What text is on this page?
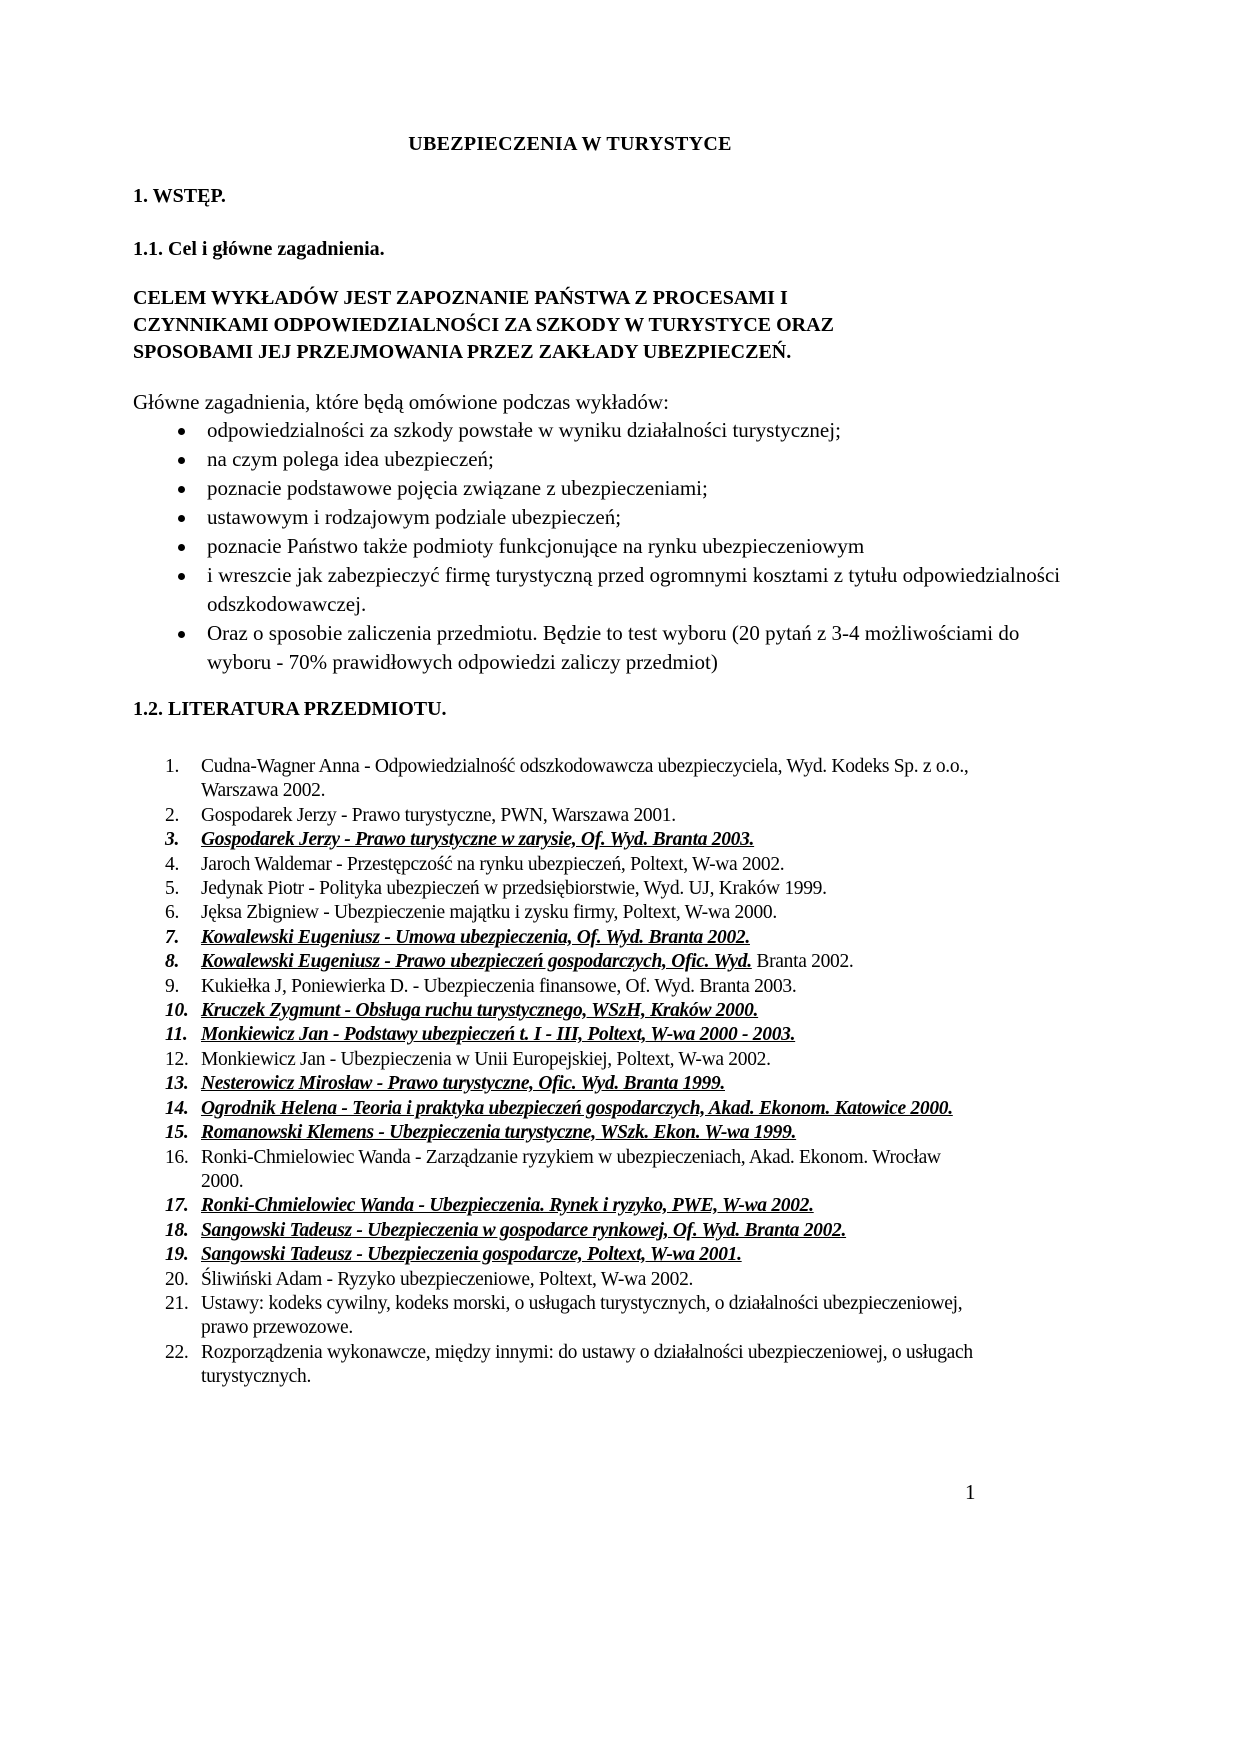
UBEZPIECZENIA W TURYSTYCE
1. WSTĘP.
1.1. Cel i główne zagadnienia.
CELEM WYKŁADÓW JEST ZAPOZNANIE PAŃSTWA Z PROCESAMI I
CZYNNIKAMI ODPOWIEDZIALNOŚCI ZA SZKODY W TURYSTYCE ORAZ
SPOSOBAMI JEJ PRZEJMOWANIA PRZEZ ZAKŁADY UBEZPIECZEŃ.
Główne zagadnienia, które będą omówione podczas wykładów:
odpowiedzialności za szkody powstałe w wyniku działalności turystycznej;
na czym polega idea ubezpieczeń;
poznacie podstawowe pojęcia związane z ubezpieczeniami;
ustawowym i rodzajowym podziale ubezpieczeń;
poznacie Państwo także podmioty funkcjonujące na rynku ubezpieczeniowym
i wreszcie jak zabezpieczyć firmę turystyczną przed ogromnymi kosztami z tytułu odpowiedzialności odszkodowawczej.
Oraz o sposobie zaliczenia przedmiotu. Będzie to test wyboru (20 pytań z 3-4 możliwościami do wyboru - 70% prawidłowych odpowiedzi zaliczy przedmiot)
1.2. LITERATURA PRZEDMIOTU.
1.	Cudna-Wagner Anna - Odpowiedzialność odszkodowawcza ubezpieczyciela, Wyd. Kodeks Sp. z o.o., Warszawa 2002.
2.	Gospodarek Jerzy - Prawo turystyczne, PWN, Warszawa 2001.
3.	Gospodarek Jerzy - Prawo turystyczne w zarysie, Of. Wyd. Branta 2003.
4.	Jaroch Waldemar - Przestępczość na rynku ubezpieczeń, Poltext, W-wa 2002.
5.	Jedynak Piotr - Polityka ubezpieczeń w przedsiębiorstwie, Wyd. UJ, Kraków 1999.
6.	Jęksa Zbigniew - Ubezpieczenie majątku i zysku firmy, Poltext, W-wa 2000.
7.	Kowalewski Eugeniusz - Umowa ubezpieczenia, Of. Wyd. Branta 2002.
8.	Kowalewski Eugeniusz - Prawo ubezpieczeń gospodarczych, Ofic. Wyd. Branta 2002.
9.	Kukiełka J, Poniewierka D. - Ubezpieczenia finansowe, Of. Wyd. Branta 2003.
10. Kruczek Zygmunt - Obsługa ruchu turystycznego, WSzH, Kraków 2000.
11. Monkiewicz Jan - Podstawy ubezpieczeń t. I - III, Poltext, W-wa 2000 - 2003.
12. Monkiewicz Jan - Ubezpieczenia w Unii Europejskiej, Poltext, W-wa 2002.
13. Nesterowicz Mirosław - Prawo turystyczne, Ofic. Wyd. Branta 1999.
14. Ogrodnik Helena - Teoria i praktyka ubezpieczeń gospodarczych, Akad. Ekonom. Katowice 2000.
15. Romanowski Klemens - Ubezpieczenia turystyczne, WSzk. Ekon. W-wa 1999.
16. Ronki-Chmielowiec Wanda - Zarządzanie ryzykiem w ubezpieczeniach, Akad. Ekonom. Wrocław 2000.
17. Ronki-Chmielowiec Wanda - Ubezpieczenia. Rynek i ryzyko, PWE, W-wa 2002.
18. Sangowski Tadeusz - Ubezpieczenia w gospodarce rynkowej, Of. Wyd. Branta 2002.
19. Sangowski Tadeusz - Ubezpieczenia gospodarcze, Poltext, W-wa 2001.
20. Śliwiński Adam - Ryzyko ubezpieczeniowe, Poltext, W-wa 2002.
21. Ustawy: kodeks cywilny, kodeks morski, o usługach turystycznych, o działalności ubezpieczeniowej, prawo przewozowe.
22. Rozporządzenia wykonawcze, między innymi: do ustawy o działalności ubezpieczeniowej, o usługach turystycznych.
1
